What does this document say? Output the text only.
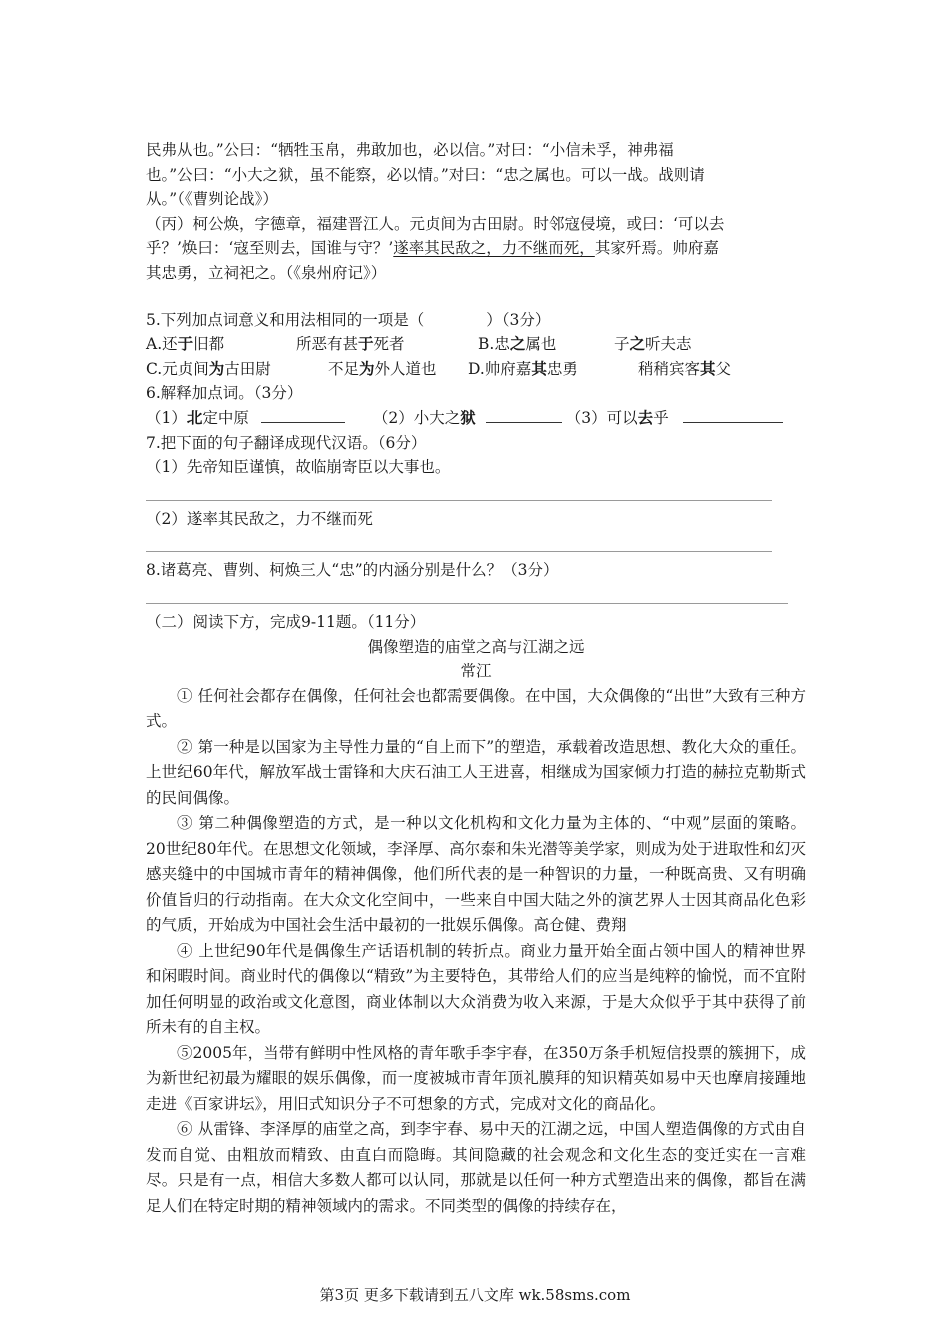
民弗从也。”公曰：“牺牲玉帛，弗敢加也，必以信。”对曰：“小信未孚，神弗福
也。”公曰：“小大之狱，虽不能察，必以情。”对曰：“忠之属也。可以一战。战则请
从。”（《曹刿论战》）
（丙）柯公焕，字德章，福建晋江人。元贞间为古田尉。时邻寇侵境，或曰：‘可以去
乎？’焕曰：‘寇至则去，国谁与守？’遂率其民敌之，力不继而死，其家歼焉。帅府嘉
其忠勇，立祠祀之。（《泉州府记》）
5.下列加点词意义和用法相同的一项是（　　　　）（3分）
A.还于旧都	所恶有甚于死者	B.忠之属也	子之听夫志
C.元贞间为古田尉	不足为外人道也	D.帅府嘉其忠勇	稍稍宾客其父
6.解释加点词。（3分）
（1）北定中原	（2）小大之狱	（3）可以去乎
7.把下面的句子翻译成现代汉语。（6分）
（1）先帝知臣谨慎，故临崩寄臣以大事也。
（2）遂率其民敌之，力不继而死
8.诸葛亮、曹刿、柯焕三人“忠”的内涵分别是什么？（3分）
（二）阅读下方，完成9-11题。（11分）
偶像塑造的庙堂之高与江湖之远
常江
① 任何社会都存在偶像，任何社会也都需要偶像。在中国，大众偶像的“出世”大致有三种方式。
② 第一种是以国家为主导性力量的“自上而下”的塑造，承载着改造思想、教化大众的重任。上世纪60年代，解放军战士雷锋和大庆石油工人王进喜，相继成为国家倾力打造的赫拉克勒斯式的民间偶像。
③ 第二种偶像塑造的方式，是一种以文化机构和文化力量为主体的、“中观”层面的策略。20世纪80年代。在思想文化领域，李泽厚、高尔泰和朱光潜等美学家，则成为处于进取性和幻灭感夹缝中的中国城市青年的精神偶像，他们所代表的是一种智识的力量，一种既高贵、又有明确价值旨归的行动指南。在大众文化空间中，一些来自中国大陆之外的演艺界人士因其商品化色彩的气质，开始成为中国社会生活中最初的一批娱乐偶像。高仓健、费翔
④ 上世纪90年代是偶像生产话语机制的转折点。商业力量开始全面占领中国人的精神世界和闲暇时间。商业时代的偶像以“精致”为主要特色，其带给人们的应当是纯粹的愉悦，而不宜附加任何明显的政治或文化意图，商业体制以大众消费为收入来源，于是大众似乎于其中获得了前所未有的自主权。
⑤2005年，当带有鲜明中性风格的青年歌手李宇春，在350万条手机短信投票的簇拥下，成为新世纪初最为耀眼的娱乐偶像，而一度被城市青年顶礼膜拜的知识精英如易中天也摩肩接踵地走进《百家讲坛》，用旧式知识分子不可想象的方式，完成对文化的商品化。
⑥ 从雷锋、李泽厚的庙堂之高，到李宇春、易中天的江湖之远，中国人塑造偶像的方式由自发而自觉、由粗放而精致、由直白而隐晦。其间隐藏的社会观念和文化生态的变迁实在一言难尽。只是有一点，相信大多数人都可以认同，那就是以任何一种方式塑造出来的偶像，都旨在满足人们在特定时期的精神领域内的需求。不同类型的偶像的持续存在，
第3页 更多下载请到五八文库 wk.58sms.com
